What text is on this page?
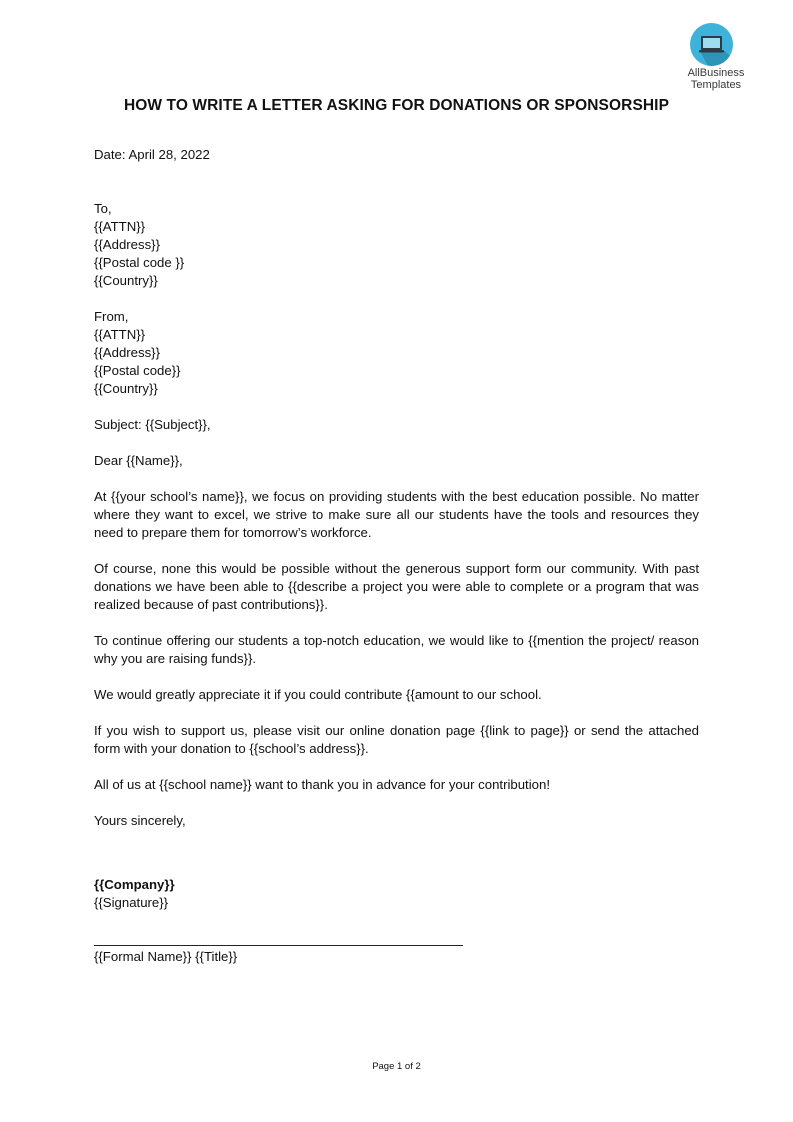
AllBusiness
Templates
HOW TO WRITE A LETTER ASKING FOR DONATIONS OR SPONSORSHIP
Date: April 28, 2022
To,
{{ATTN}}
{{Address}}
{{Postal code }}
{{Country}}
From,
{{ATTN}}
{{Address}}
{{Postal code}}
{{Country}}
Subject: {{Subject}},
Dear {{Name}},
At {{your school’s name}}, we focus on providing students with the best education possible. No matter where they want to excel, we strive to make sure all our students have the tools and resources they need to prepare them for tomorrow’s workforce.
Of course, none this would be possible without the generous support form our community. With past donations we have been able to {{describe a project you were able to complete or a program that was realized because of past contributions}}.
To continue offering our students a top-notch education, we would like to {{mention the project/ reason why you are raising funds}}.
We would greatly appreciate it if you could contribute {{amount to our school.
If you wish to support us, please visit our online donation page {{link to page}} or send the attached form with your donation to {{school’s address}}.
All of us at {{school name}} want to thank you in advance for your contribution!
Yours sincerely,
{{Company}}
{{Signature}}
{{Formal Name}} {{Title}}
Page 1 of 2
